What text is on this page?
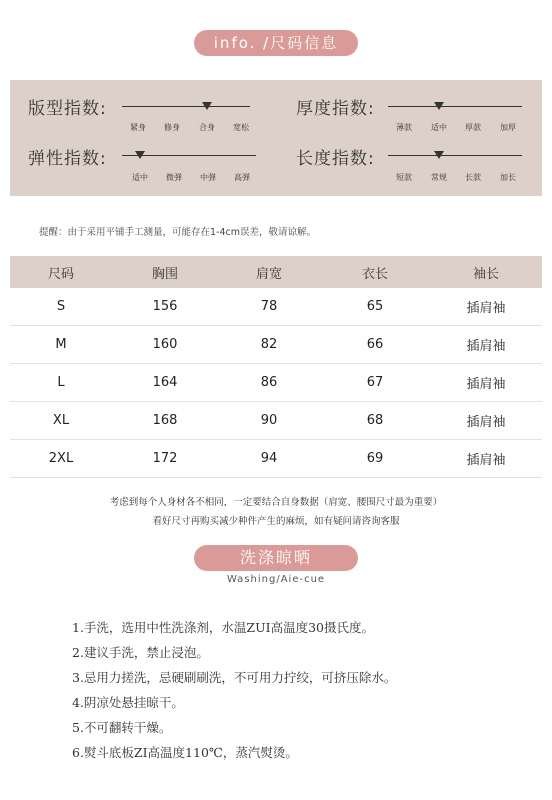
info. /尺码信息
版型指数:
紧身 修身 合身 宽松
厚度指数:
薄款 适中 厚款 加厚
弹性指数:
适中 微弹 中弹 高弹
长度指数:
短款 常规 长款 加长
提醒：由于采用平铺手工测量，可能存在1-4cm误差，敬请谅解。
尺码	胸围	肩宽	衣长	袖长
S	156	78	65	插肩袖
M	160	82	66	插肩袖
L	164	86	67	插肩袖
XL	168	90	68	插肩袖
2XL	172	94	69	插肩袖
考虑到每个人身材各不相同，一定要结合自身数据（肩宽、腰围尺寸最为重要）
看好尺寸再购买减少种件产生的麻烦，如有疑问请咨询客服
洗涤晾晒
Washing/Aie-cue
1.手洗，选用中性洗涤剂，水温ZUI高温度30摄氏度。
2.建议手洗，禁止浸泡。
3.忌用力搓洗，忌硬刷刷洗，不可用力拧绞，可挤压除水。
4.阴凉处悬挂晾干。
5.不可翻转干燥。
6.熨斗底板ZI高温度110℃，蒸汽熨烫。
